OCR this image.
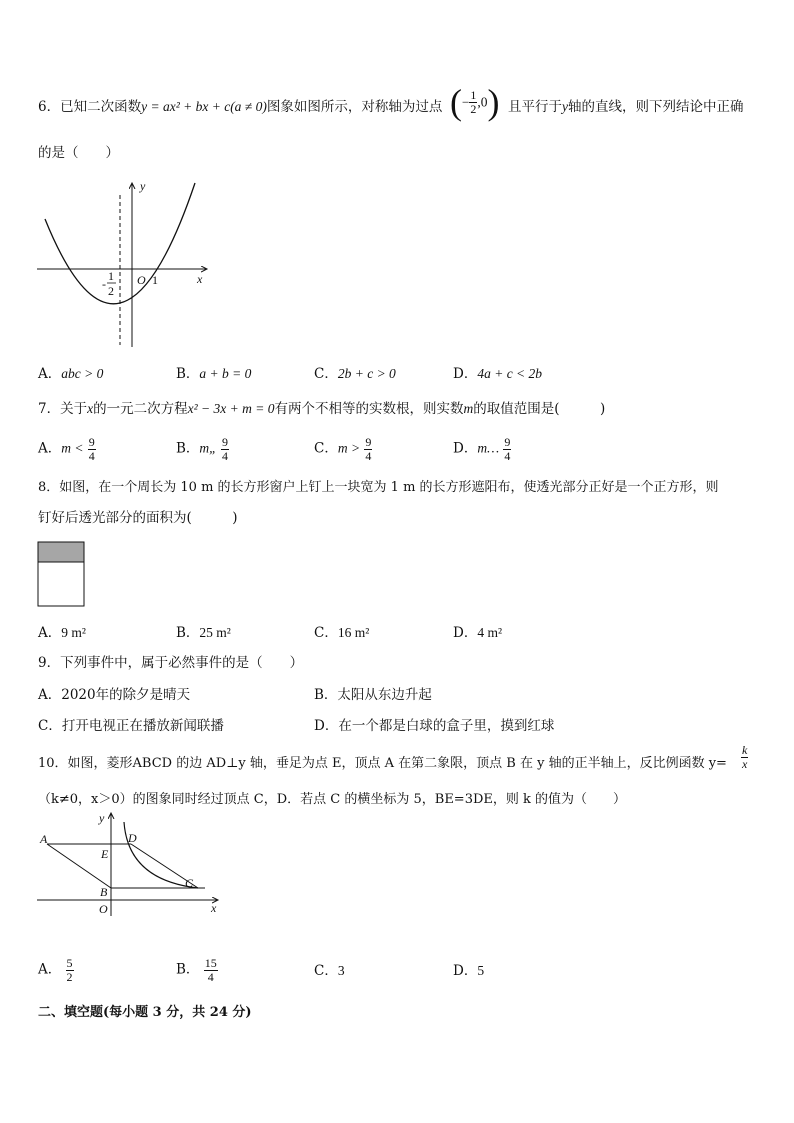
6．已知二次函数y = ax² + bx + c(a ≠ 0)图象如图所示，对称轴为过点 (− $\frac{1}{2} ,0$) 且平行于y轴的直线，则下列结论中正确
的是（　　）
y
x
O 1
-
1
2
A．abc > 0	B．a + b = 0	C．2b + c > 0	D．4a + c < 2b
7．关于x的一元二次方程x² − 3x + m = 0有两个不相等的实数根，则实数m的取值范围是(　　　)
A．$m < \frac{9}{4}$	B．m„ $\frac{9}{4}$	C．$m > \frac{9}{4}$	D．m… $\frac{9}{4}$
8．如图，在一个周长为 10 m 的长方形窗户上钉上一块宽为 1 m 的长方形遮阳布，使透光部分正好是一个正方形，则
钉好后透光部分的面积为(　　　)
A．9 m²	B．25 m²	C．16 m²	D．4 m²
9．下列事件中，属于必然事件的是（　　）
A．2020年的除夕是晴天	B．太阳从东边升起
C．打开电视正在播放新闻联播	D．在一个都是白球的盒子里，摸到红球
10．如图，菱形ABCD 的边 AD⊥y 轴，垂足为点 E，顶点 A 在第二象限，顶点 B 在 y 轴的正半轴上，反比例函数 $y= \frac{k}{x}$
（k≠0，x＞0）的图象同时经过顶点 C，D．若点 C 的横坐标为 5，BE=3DE，则 k 的值为（　　）
A	D
E
B
C
O	x
y
A． $\frac{5}{2}$	B． $\frac{15}{4}$	C．3	D．5
二、填空题(每小题 3 分，共 24 分)
